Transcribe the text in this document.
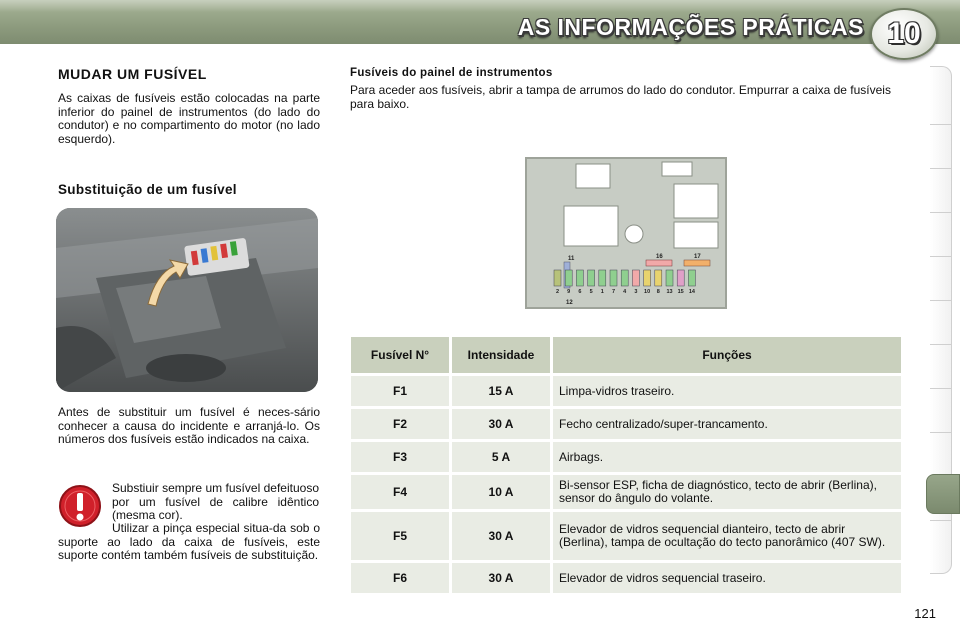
AS INFORMAÇÕES PRÁTICAS 10
MUDAR UM FUSÍVEL

As caixas de fusíveis estão colocadas na parte inferior do painel de instrumentos (do lado do condutor) e no compartimento do motor (no lado esquerdo).

Substituição de um fusível

Antes de substituir um fusível é neces-sário conhecer a causa do incidente e arranjá-lo. Os números dos fusíveis estão indicados na caixa.

Substiuir sempre um fusível defeituoso por um fusível de calibre idêntico (mesma cor).

Utilizar a pinça especial situa-da sob o suporte ao lado da caixa de fusíveis, este suporte contém também fusíveis de substituição.

Fusíveis do painel de instrumentos

Para aceder aos fusíveis, abrir a tampa de arrumos do lado do condutor. Empurrar a caixa de fusíveis para baixo.

11	16	17
2 9 6 5 1 7 4 3 10 8 13 15 14
12
Fusível N°	Intensidade	Funções
F1	15 A	Limpa-vidros traseiro.
F2	30 A	Fecho centralizado/super-trancamento.
F3	5 A	Airbags.
F4	10 A	Bi-sensor ESP, ficha de diagnóstico, tecto de abrir (Berlina), sensor do ângulo do volante.
F5	30 A	Elevador de vidros sequencial dianteiro, tecto de abrir (Berlina), tampa de ocultação do tecto panorâmico (407 SW).
F6	30 A	Elevador de vidros sequencial traseiro.
121
